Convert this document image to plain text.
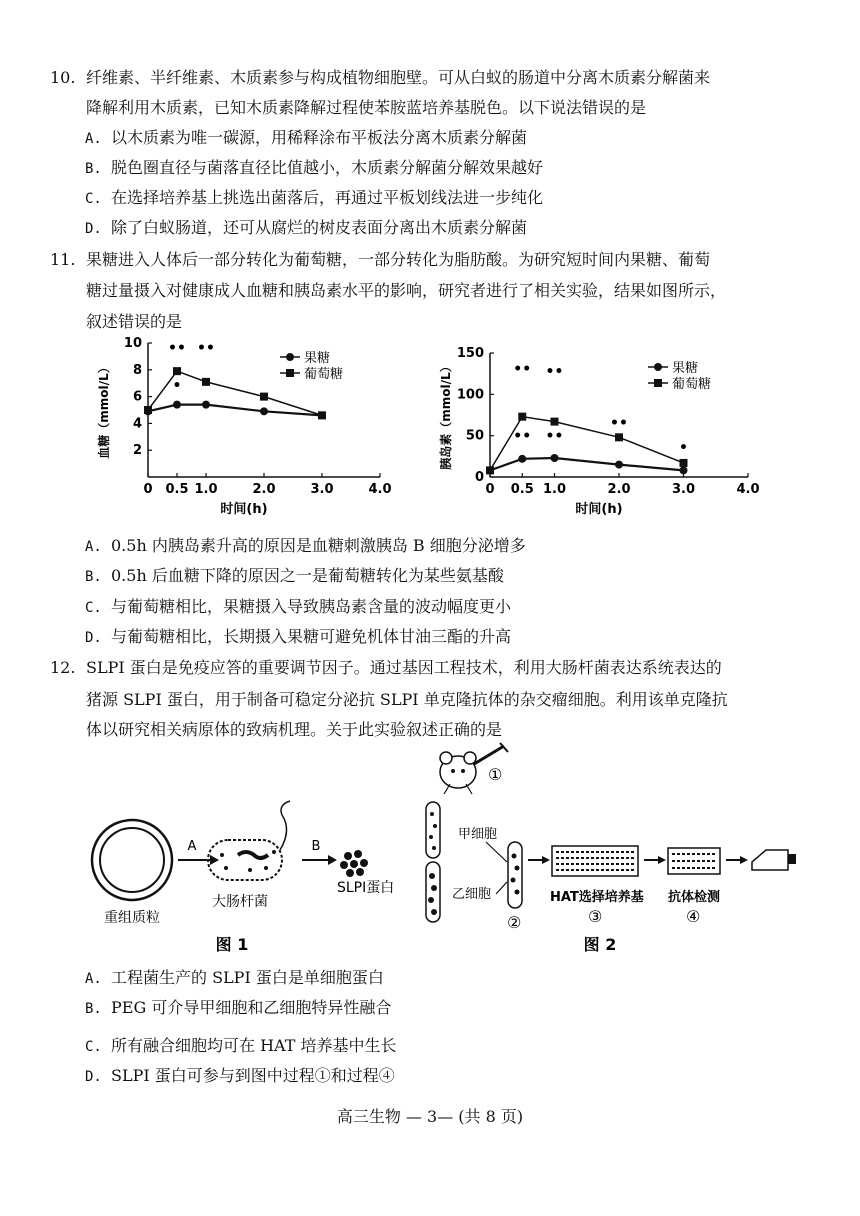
10. 纤维素、半纤维素、木质素参与构成植物细胞壁。可从白蚁的肠道中分离木质素分解菌来
降解利用木质素，已知木质素降解过程使苯胺蓝培养基脱色。以下说法错误的是
A. 以木质素为唯一碳源，用稀释涂布平板法分离木质素分解菌
B. 脱色圈直径与菌落直径比值越小，木质素分解菌分解效果越好
C. 在选择培养基上挑选出菌落后，再通过平板划线法进一步纯化
D. 除了白蚁肠道，还可从腐烂的树皮表面分离出木质素分解菌
11. 果糖进入人体后一部分转化为葡萄糖，一部分转化为脂肪酸。为研究短时间内果糖、葡萄
糖过量摄入对健康成人血糖和胰岛素水平的影响，研究者进行了相关实验，结果如图所示，
叙述错误的是
0 0.5 1.0	2.0	3.0	4.0
2
4
6
8
10
时间(h)
血糖（mmol/L）
•• ••
•
果糖
葡萄糖
0 0.5 1.0	2.0	3.0	4.0
0
50
100
150
时间(h)
胰岛素（mmol/L）	•• ••
••
•• ••
•
果糖
葡萄糖
A. 0.5h 内胰岛素升高的原因是血糖刺激胰岛 B 细胞分泌增多
B. 0.5h 后血糖下降的原因之一是葡萄糖转化为某些氨基酸
C. 与葡萄糖相比，果糖摄入导致胰岛素含量的波动幅度更小
D. 与葡萄糖相比，长期摄入果糖可避免机体甘油三酯的升高
12. SLPI 蛋白是免疫应答的重要调节因子。通过基因工程技术，利用大肠杆菌表达系统表达的
猪源 SLPI 蛋白，用于制备可稳定分泌抗 SLPI 单克隆抗体的杂交瘤细胞。利用该单克隆抗
体以研究相关病原体的致病机理。关于此实验叙述正确的是
重组质粒
A
大肠杆菌
B
SLPⅠ蛋白
图 1
①
甲细胞
乙细胞
②
HAT选择培养基
③
抗体检测
④
图 2
A. 工程菌生产的 SLPI 蛋白是单细胞蛋白
B. PEG 可介导甲细胞和乙细胞特异性融合
C. 所有融合细胞均可在 HAT 培养基中生长
D. SLPI 蛋白可参与到图中过程①和过程④
高三生物 — 3— (共 8 页)
